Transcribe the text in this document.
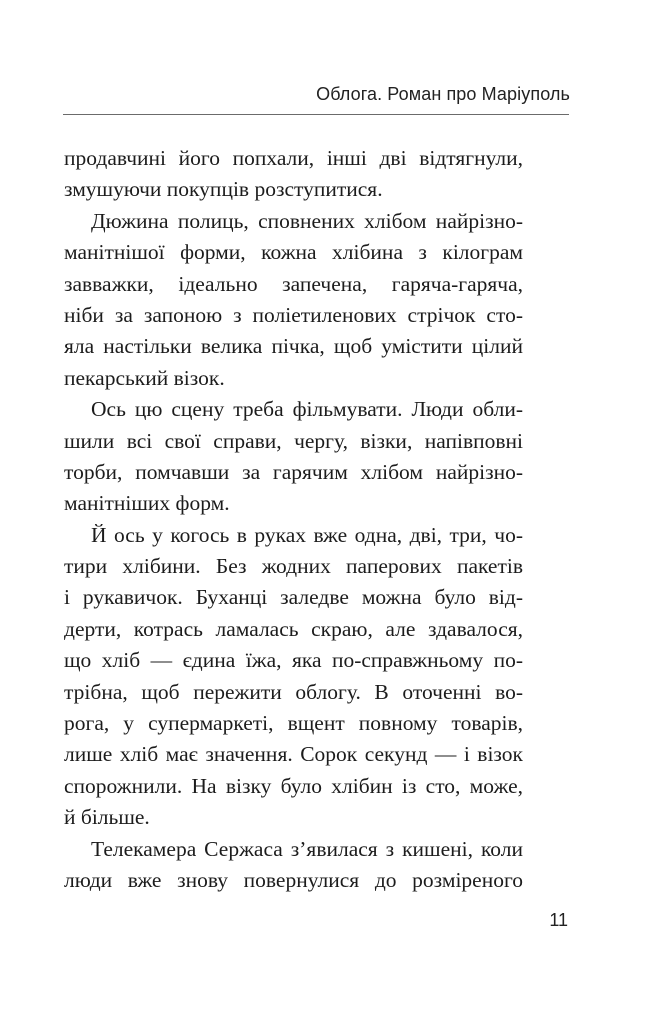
Облога. Роман про Маріуполь
продавчині його попхали, інші дві відтягнули,
змушуючи покупців розступитися.
Дюжина полиць, сповнених хлібом найрізно-
манітнішої форми, кожна хлібина з кілограм
завважки, ідеально запечена, гаряча-гаряча,
ніби за запоною з поліетиленових стрічок сто-
яла настільки велика пічка, щоб умістити цілий
пекарський візок.
Ось цю сцену треба фільмувати. Люди обли-
шили всі свої справи, чергу, візки, напівповні
торби, помчавши за гарячим хлібом найрізно-
манітніших форм.
Й ось у когось в руках вже одна, дві, три, чо-
тири хлібини. Без жодних паперових пакетів
і рукавичок. Буханці заледве можна було від-
дерти, котрась ламалась скраю, але здавалося,
що хліб — єдина їжа, яка по-справжньому по-
трібна, щоб пережити облогу. В оточенні во-
рога, у супермаркеті, вщент повному товарів,
лише хліб має значення. Сорок секунд — і візок
спорожнили. На візку було хлібин із сто, може,
й більше.
Телекамера Сержаса з’явилася з кишені, коли
люди вже знову повернулися до розміреного
11
